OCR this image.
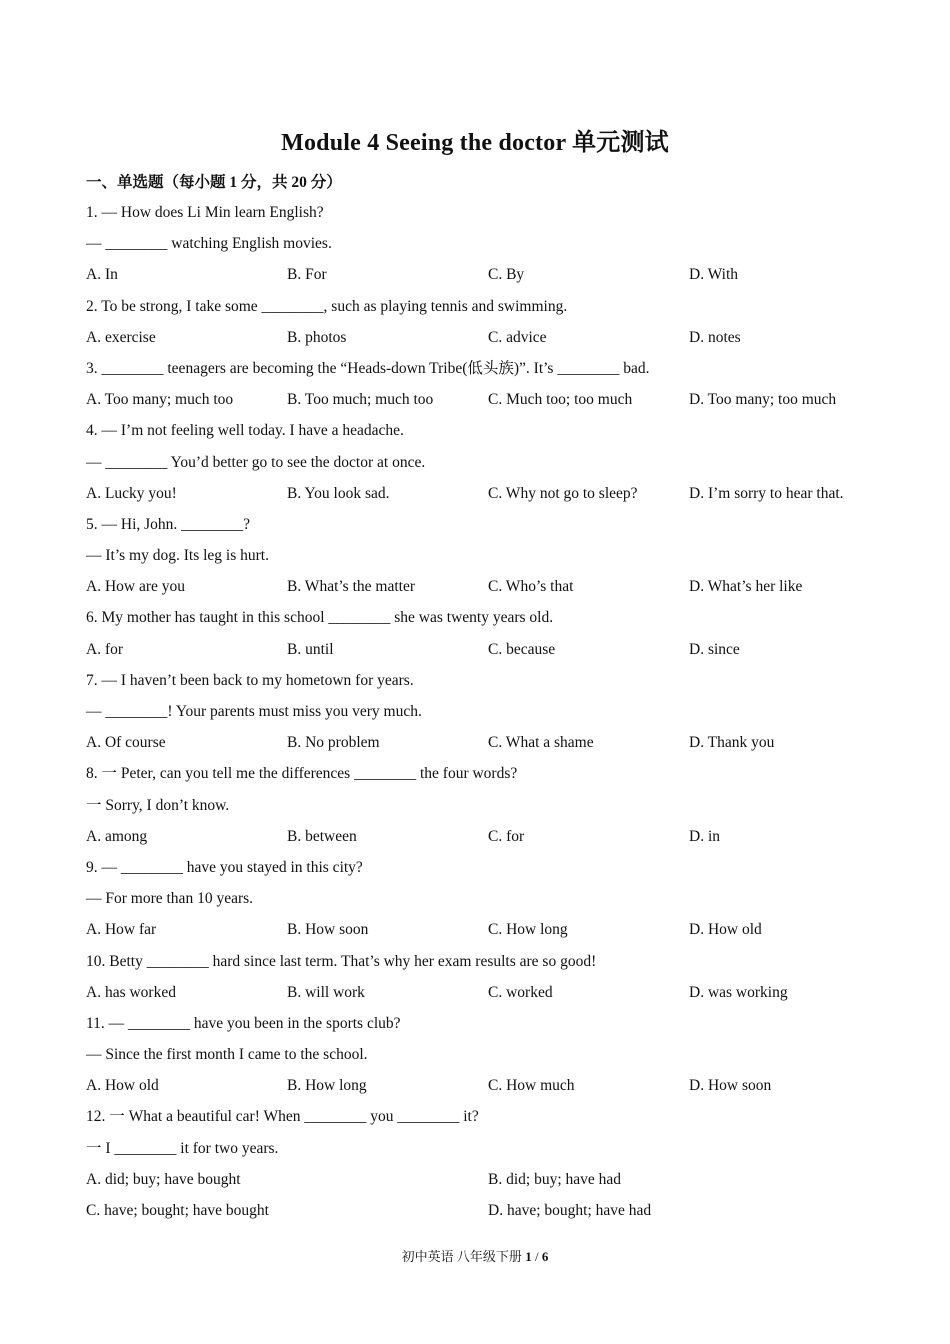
Module 4 Seeing the doctor 单元测试
一、单选题（每小题 1 分，共 20 分）
1. — How does Li Min learn English?
— ________ watching English movies.
A. In	B. For	C. By	D. With
2. To be strong, I take some ________, such as playing tennis and swimming.
A. exercise	B. photos	C. advice	D. notes
3. ________ teenagers are becoming the “Heads-down Tribe(低头族)”. It’s ________ bad.
A. Too many; much too	B. Too much; much too	C. Much too; too much	D. Too many; too much
4. — I’m not feeling well today. I have a headache.
— ________ You’d better go to see the doctor at once.
A. Lucky you!	B. You look sad.	C. Why not go to sleep?	D. I’m sorry to hear that.
5. — Hi, John. ________?
— It’s my dog. Its leg is hurt.
A. How are you	B. What’s the matter	C. Who’s that	D. What’s her like
6. My mother has taught in this school ________ she was twenty years old.
A. for	B. until	C. because	D. since
7. — I haven’t been back to my hometown for years.
— ________! Your parents must miss you very much.
A. Of course	B. No problem	C. What a shame	D. Thank you
8. 一 Peter, can you tell me the differences ________ the four words?
一 Sorry, I don’t know.
A. among	B. between	C. for	D. in
9. — ________ have you stayed in this city?
— For more than 10 years.
A. How far	B. How soon	C. How long	D. How old
10. Betty ________ hard since last term. That’s why her exam results are so good!
A. has worked	B. will work	C. worked	D. was working
11. — ________ have you been in the sports club?
— Since the first month I came to the school.
A. How old	B. How long	C. How much	D. How soon
12. 一 What a beautiful car! When ________ you ________ it?
一 I ________ it for two years.
A. did; buy; have bought	B. did; buy; have had
C. have; bought; have bought	D. have; bought; have had
初中英语 八年级下册 1 / 6
